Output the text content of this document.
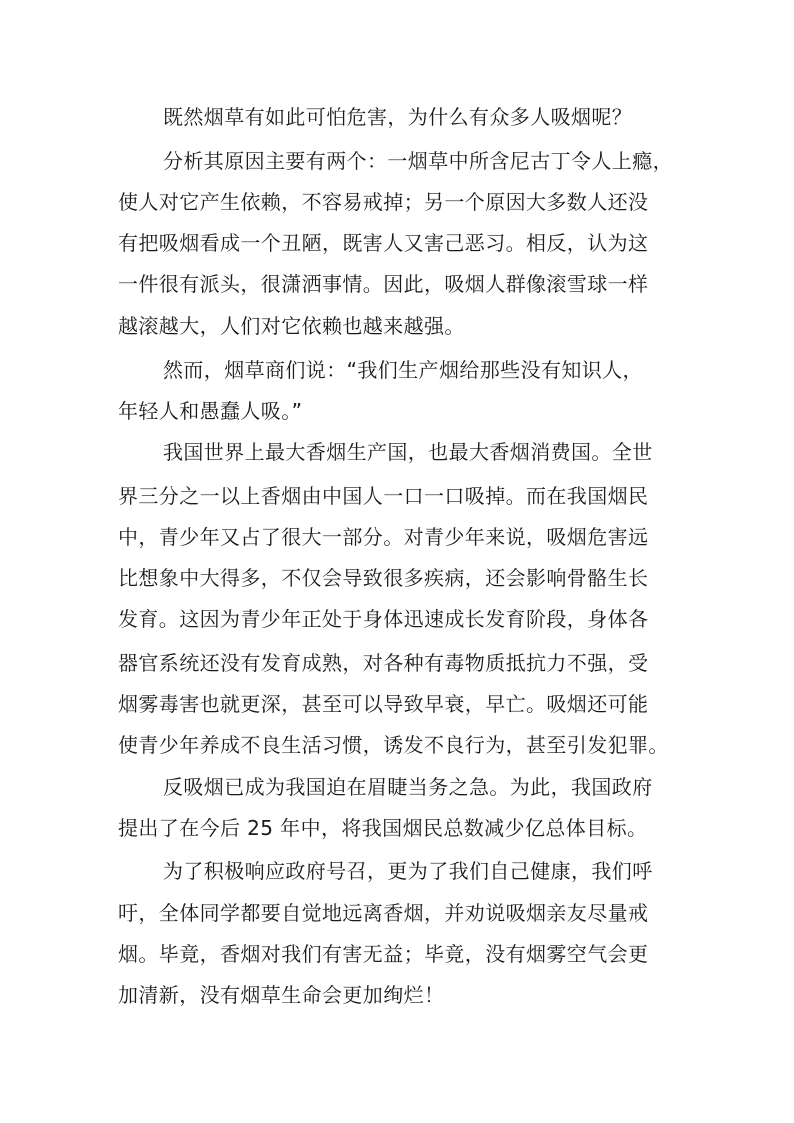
既然烟草有如此可怕危害，为什么有众多人吸烟呢？
分析其原因主要有两个：一烟草中所含尼古丁令人上瘾，
使人对它产生依赖，不容易戒掉；另一个原因大多数人还没
有把吸烟看成一个丑陋，既害人又害己恶习。相反，认为这
一件很有派头，很潇洒事情。因此，吸烟人群像滚雪球一样
越滚越大，人们对它依赖也越来越强。
然而，烟草商们说：“我们生产烟给那些没有知识人，
年轻人和愚蠢人吸。”
我国世界上最大香烟生产国，也最大香烟消费国。全世
界三分之一以上香烟由中国人一口一口吸掉。而在我国烟民
中，青少年又占了很大一部分。对青少年来说，吸烟危害远
比想象中大得多，不仅会导致很多疾病，还会影响骨骼生长
发育。这因为青少年正处于身体迅速成长发育阶段，身体各
器官系统还没有发育成熟，对各种有毒物质抵抗力不强，受
烟雾毒害也就更深，甚至可以导致早衰，早亡。吸烟还可能
使青少年养成不良生活习惯，诱发不良行为，甚至引发犯罪。
反吸烟已成为我国迫在眉睫当务之急。为此，我国政府
提出了在今后 25 年中，将我国烟民总数减少亿总体目标。
为了积极响应政府号召，更为了我们自己健康，我们呼
吁，全体同学都要自觉地远离香烟，并劝说吸烟亲友尽量戒
烟。毕竟，香烟对我们有害无益；毕竟，没有烟雾空气会更
加清新，没有烟草生命会更加绚烂！
